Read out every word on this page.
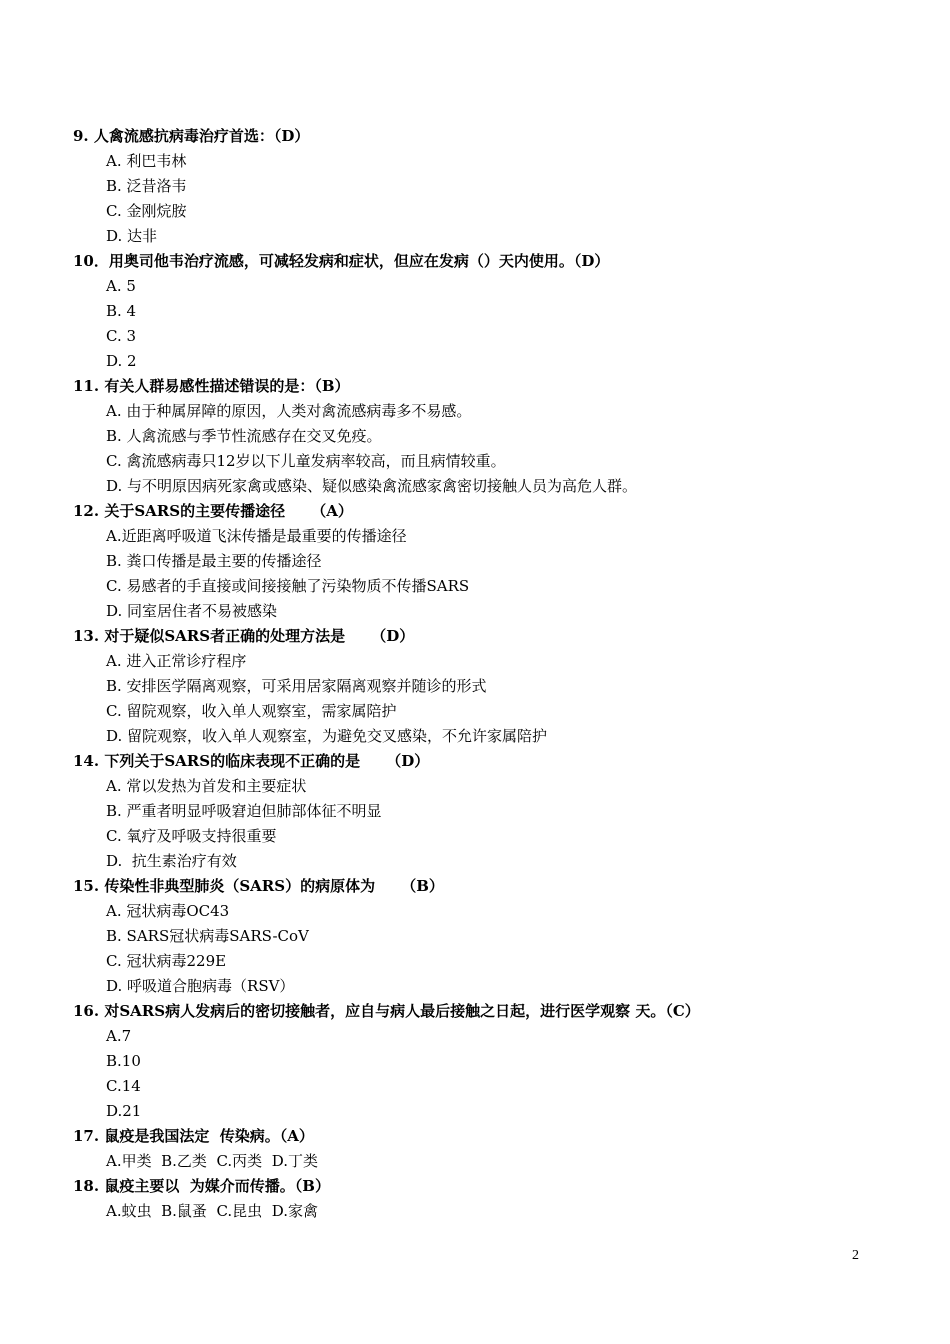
9. 人禽流感抗病毒治疗首选：（D）
A. 利巴韦林
B. 泛昔洛韦
C. 金刚烷胺
D. 达非
10．用奥司他韦治疗流感，可减轻发病和症状，但应在发病（）天内使用。（D）
A. 5
B. 4
C. 3
D. 2
11. 有关人群易感性描述错误的是：（B）
A. 由于种属屏障的原因，人类对禽流感病毒多不易感。
B. 人禽流感与季节性流感存在交叉免疫。
C. 禽流感病毒只12岁以下儿童发病率较高，而且病情较重。
D. 与不明原因病死家禽或感染、疑似感染禽流感家禽密切接触人员为高危人群。
12. 关于SARS的主要传播途径     （A）
A.近距离呼吸道飞沫传播是最重要的传播途径
B. 粪口传播是最主要的传播途径
C. 易感者的手直接或间接接触了污染物质不传播SARS
D. 同室居住者不易被感染
13. 对于疑似SARS者正确的处理方法是     （D）
A. 进入正常诊疗程序
B. 安排医学隔离观察，可采用居家隔离观察并随诊的形式
C. 留院观察，收入单人观察室，需家属陪护
D. 留院观察，收入单人观察室，为避免交叉感染，不允许家属陪护
14. 下列关于SARS的临床表现不正确的是     （D）
A. 常以发热为首发和主要症状
B. 严重者明显呼吸窘迫但肺部体征不明显
C. 氧疗及呼吸支持很重要
D.  抗生素治疗有效
15. 传染性非典型肺炎（SARS）的病原体为     （B）
A. 冠状病毒OC43
B. SARS冠状病毒SARS-CoV
C. 冠状病毒229E
D. 呼吸道合胞病毒（RSV）
16. 对SARS病人发病后的密切接触者，应自与病人最后接触之日起，进行医学观察 天。（C）
A.7
B.10
C.14
D.21
17. 鼠疫是我国法定  传染病。（A）
A.甲类  B.乙类  C.丙类  D.丁类
18. 鼠疫主要以  为媒介而传播。（B）
A.蚊虫  B.鼠蚤  C.昆虫  D.家禽
2
